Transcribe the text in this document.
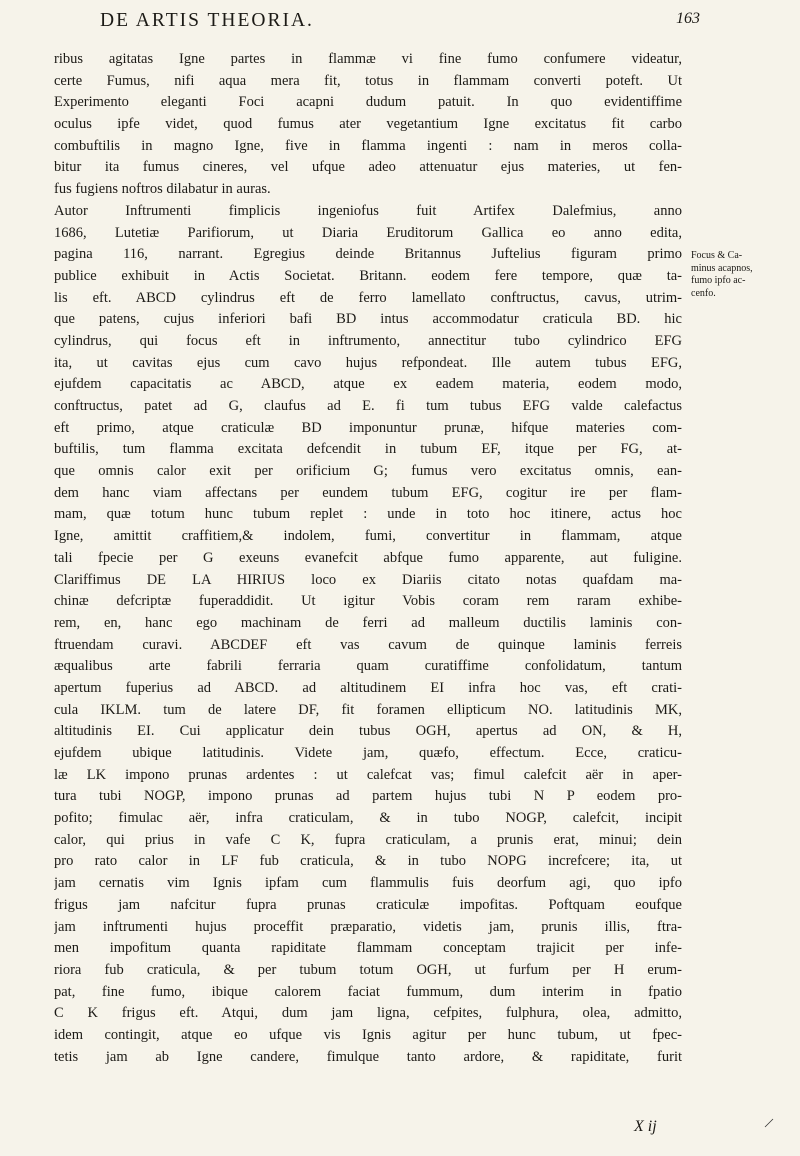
DE ARTIS THEORIA.	163
ribus agitatas Igne partes in flammæ vi fine fumo confumere videatur,
certe Fumus, nifi aqua mera fit, totus in flammam converti poteft. Ut
Experimento eleganti Foci acapni dudum patuit. In quo evidentiffime
oculus ipfe videt, quod fumus ater vegetantium Igne excitatus fit carbo
combuftilis in magno Igne, five in flamma ingenti : nam in meros colla-
bitur ita fumus cineres, vel ufque adeo attenuatur ejus materies, ut fen-
fus fugiens noftros dilabatur in auras.
Autor Inftrumenti fimplicis ingeniofus fuit Artifex Dalefmius, anno
1686, Lutetiæ Parifiorum, ut Diaria Eruditorum Gallica eo anno edita,
pagina 116, narrant. Egregius deinde Britannus Juftelius figuram primo
publice exhibuit in Actis Societat. Britann. eodem fere tempore, quæ ta-
lis eft. ABCD cylindrus eft de ferro lamellato conftructus, cavus, utrim-
que patens, cujus inferiori bafi BD intus accommodatur craticula BD. hic
cylindrus, qui focus eft in inftrumento, annectitur tubo cylindrico EFG
ita, ut cavitas ejus cum cavo hujus refpondeat. Ille autem tubus EFG,
ejufdem capacitatis ac ABCD, atque ex eadem materia, eodem modo,
conftructus, patet ad G, claufus ad E. fi tum tubus EFG valde calefactus
eft primo, atque craticulæ BD imponuntur prunæ, hifque materies com-
buftilis, tum flamma excitata defcendit in tubum EF, itque per FG, at-
que omnis calor exit per orificium G; fumus vero excitatus omnis, ean-
dem hanc viam affectans per eundem tubum EFG, cogitur ire per flam-
mam, quæ totum hunc tubum replet : unde in toto hoc itinere, actus hoc
Igne, amittit craffitiem,& indolem, fumi, convertitur in flammam, atque
tali fpecie per G exeuns evanefcit abfque fumo apparente, aut fuligine.
Clariffimus DE LA HIRIUS loco ex Diariis citato notas quafdam ma-
chinæ defcriptæ fuperaddidit. Ut igitur Vobis coram rem raram exhibe-
rem, en, hanc ego machinam de ferri ad malleum ductilis laminis con-
ftruendam curavi. ABCDEF eft vas cavum de quinque laminis ferreis
æqualibus arte fabrili ferraria quam curatiffime confolidatum, tantum
apertum fuperius ad ABCD. ad altitudinem EI infra hoc vas, eft crati-
cula IKLM. tum de latere DF, fit foramen ellipticum NO. latitudinis MK,
altitudinis EI. Cui applicatur dein tubus OGH, apertus ad ON, & H,
ejufdem ubique latitudinis. Videte jam, quæfo, effectum. Ecce, craticu-
læ LK impono prunas ardentes : ut calefcat vas; fimul calefcit aër in aper-
tura tubi NOGP, impono prunas ad partem hujus tubi N P eodem pro-
pofito; fimulac aër, infra craticulam, & in tubo NOGP, calefcit, incipit
calor, qui prius in vafe C K, fupra craticulam, a prunis erat, minui; dein
pro rato calor in LF fub craticula, & in tubo NOPG increfcere; ita, ut
jam cernatis vim Ignis ipfam cum flammulis fuis deorfum agi, quo ipfo
frigus jam nafcitur fupra prunas craticulæ impofitas. Poftquam eoufque
jam inftrumenti hujus proceffit præparatio, videtis jam, prunis illis, ftra-
men impofitum quanta rapiditate flammam conceptam trajicit per infe-
riora fub craticula, & per tubum totum OGH, ut furfum per H erum-
pat, fine fumo, ibique calorem faciat fummum, dum interim in fpatio
C K frigus eft. Atqui, dum jam ligna, cefpites, fulphura, olea, admitto,
idem contingit, atque eo ufque vis Ignis agitur per hunc tubum, ut fpec-
tetis jam ab Igne candere, fimulque tanto ardore, & rapiditate, furit
Focus & Ca-
minus acapnos,
fumo ipfo ac-
cenfo.
X ij
